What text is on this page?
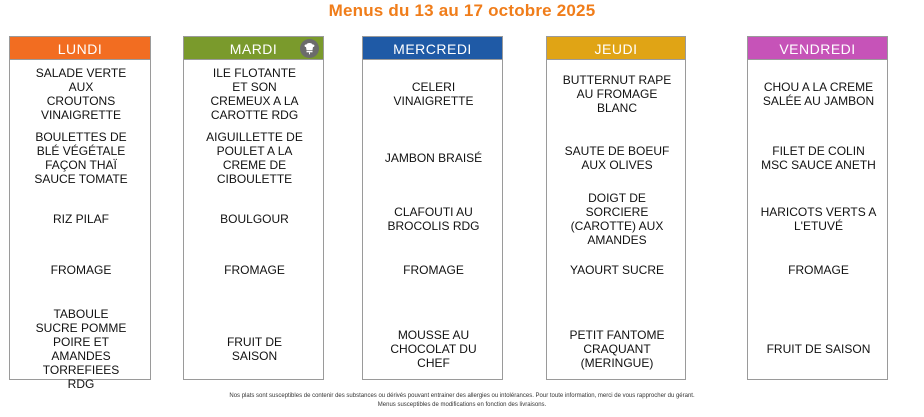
Menus du 13 au 17 octobre 2025
LUNDI
SALADE VERTE
AUX
CROUTONS
VINAIGRETTE
BOULETTES DE
BLÉ VÉGÉTALE
FAÇON THAÏ
SAUCE TOMATE
RIZ PILAF
FROMAGE
TABOULE
SUCRE POMME
POIRE ET
AMANDES
TORREFIEES
RDG
MARDI
ILE FLOTANTE
ET SON
CREMEUX A LA
CAROTTE RDG
AIGUILLETTE DE
POULET A LA
CREME DE
CIBOULETTE
BOULGOUR
FROMAGE
FRUIT DE
SAISON
MERCREDI
CELERI
VINAIGRETTE
JAMBON BRAISÉ
CLAFOUTI AU
BROCOLIS RDG
FROMAGE
MOUSSE AU
CHOCOLAT DU
CHEF
JEUDI
BUTTERNUT RAPE
AU FROMAGE
BLANC
SAUTE DE BOEUF
AUX OLIVES
DOIGT DE
SORCIERE
(CAROTTE) AUX
AMANDES
YAOURT SUCRE
PETIT FANTOME
CRAQUANT
(MERINGUE)
VENDREDI
CHOU A LA CREME
SALÉE AU JAMBON
FILET DE COLIN
MSC SAUCE ANETH
HARICOTS VERTS A
L'ETUVÉ
FROMAGE
FRUIT DE SAISON
Nos plats sont susceptibles de contenir des substances ou dérivés pouvant entrainer des allergies ou intolérances. Pour toute information, merci de vous rapprocher du gérant.
Menus susceptibles de modifications en fonction des livraisons.
